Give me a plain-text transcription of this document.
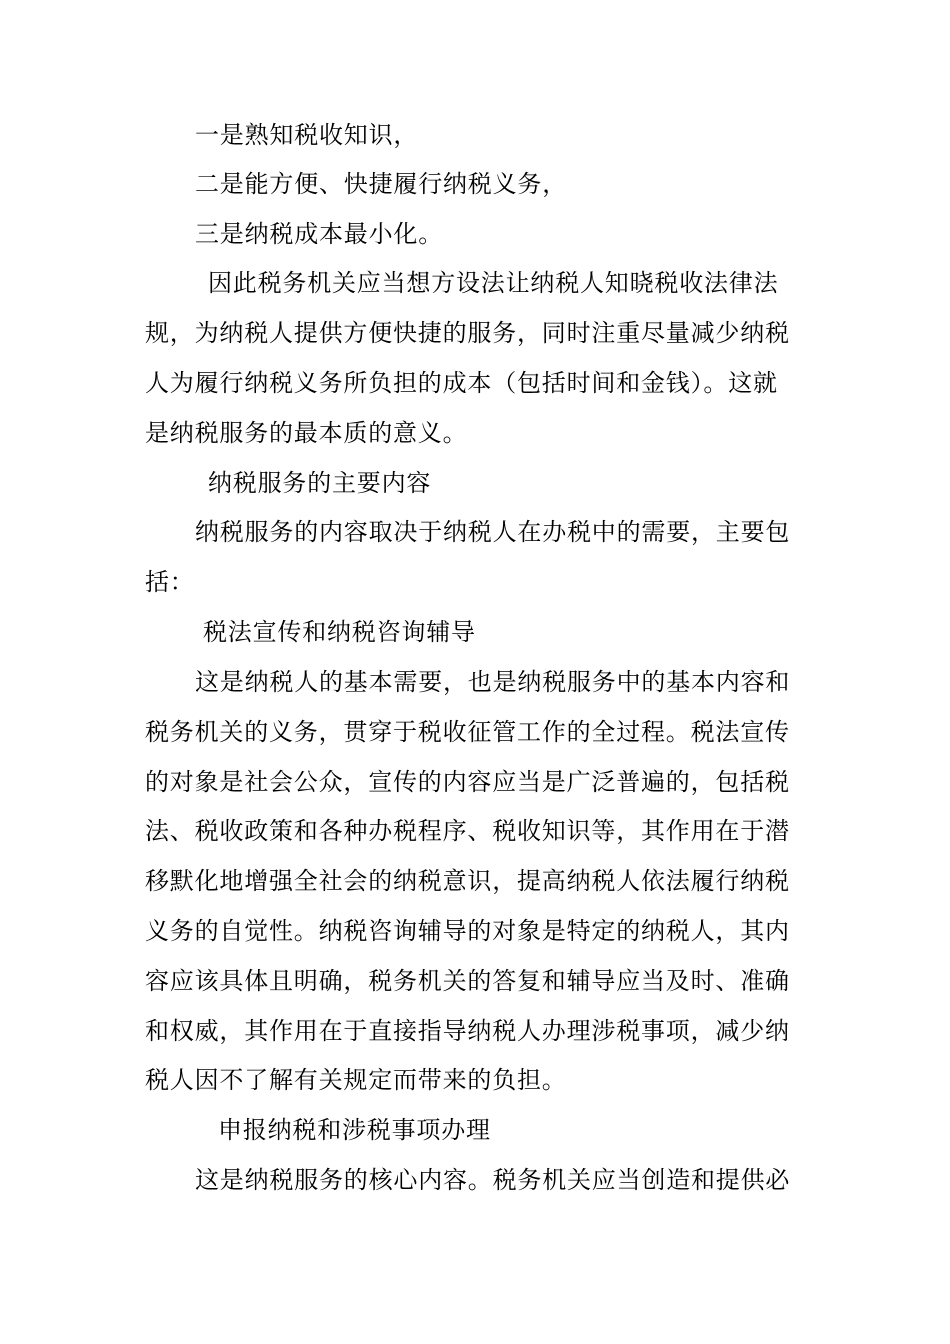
一是熟知税收知识，
二是能方便、快捷履行纳税义务，
三是纳税成本最小化。
因此税务机关应当想方设法让纳税人知晓税收法律法
规，为纳税人提供方便快捷的服务，同时注重尽量减少纳税
人为履行纳税义务所负担的成本（包括时间和金钱）。这就
是纳税服务的最本质的意义。
纳税服务的主要内容
纳税服务的内容取决于纳税人在办税中的需要，主要包
括：
税法宣传和纳税咨询辅导
这是纳税人的基本需要，也是纳税服务中的基本内容和
税务机关的义务，贯穿于税收征管工作的全过程。税法宣传
的对象是社会公众，宣传的内容应当是广泛普遍的，包括税
法、税收政策和各种办税程序、税收知识等，其作用在于潜
移默化地增强全社会的纳税意识，提高纳税人依法履行纳税
义务的自觉性。纳税咨询辅导的对象是特定的纳税人，其内
容应该具体且明确，税务机关的答复和辅导应当及时、准确
和权威，其作用在于直接指导纳税人办理涉税事项，减少纳
税人因不了解有关规定而带来的负担。
申报纳税和涉税事项办理
这是纳税服务的核心内容。税务机关应当创造和提供必
